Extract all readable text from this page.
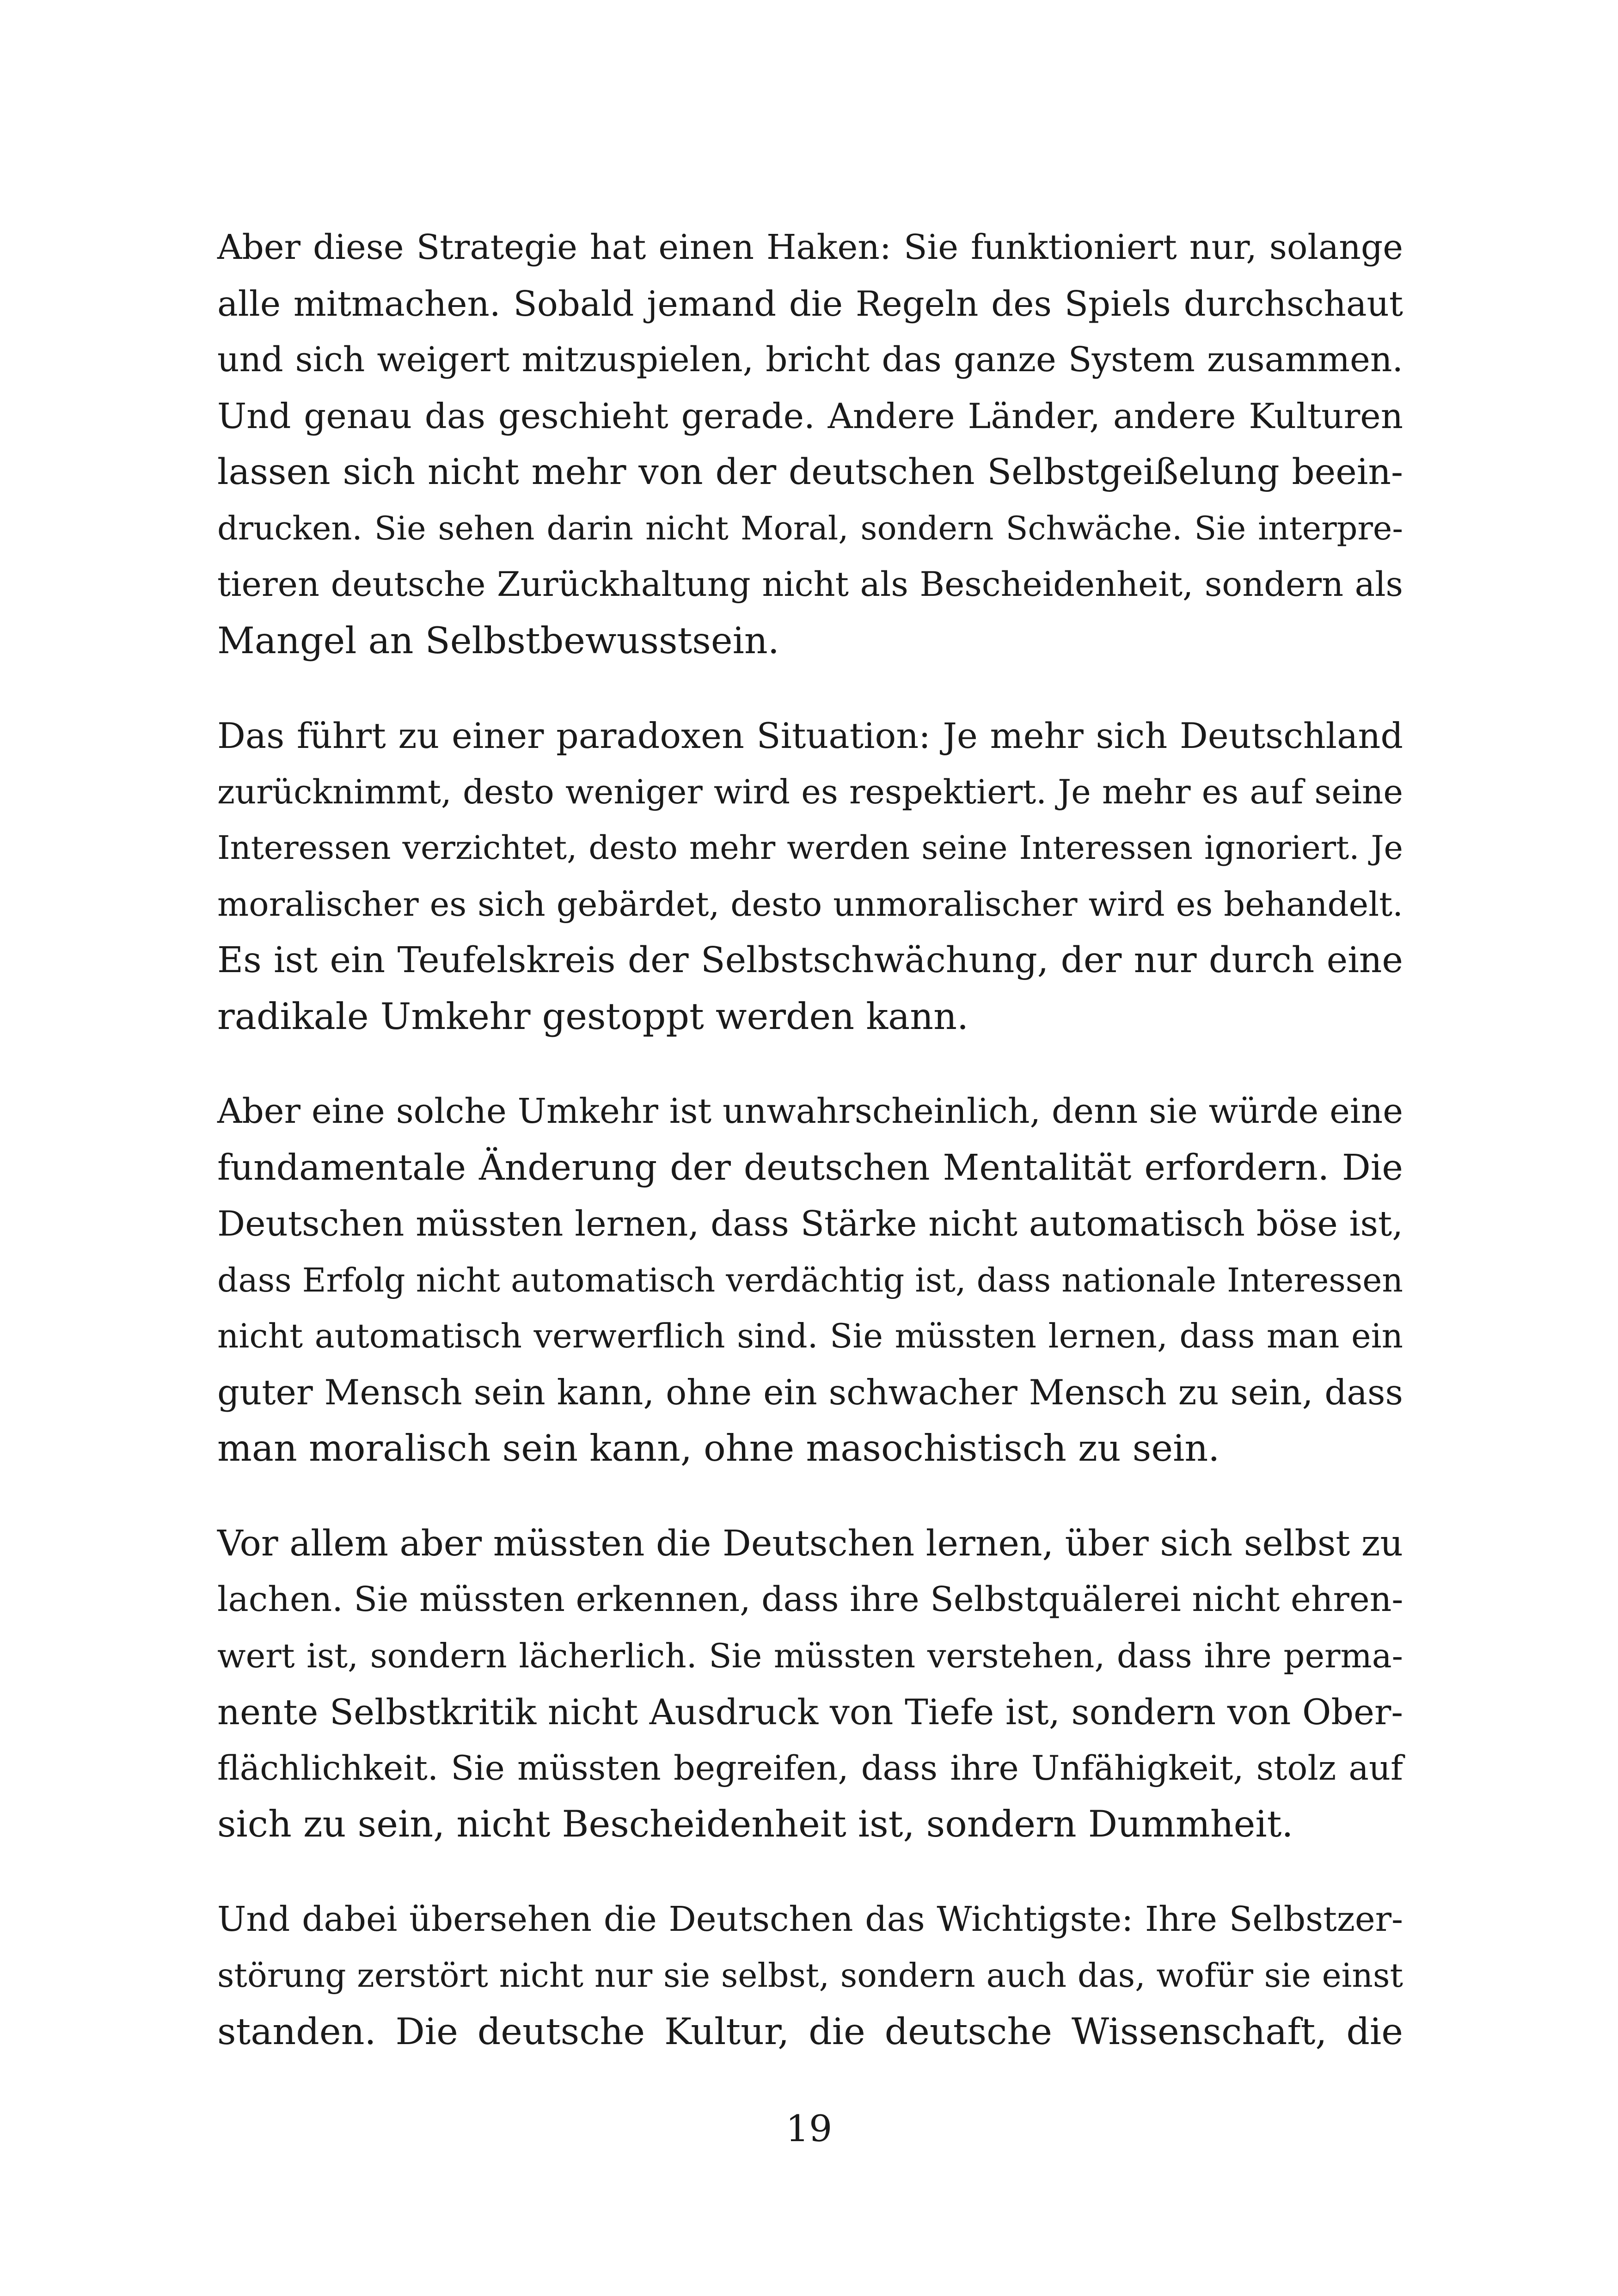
Aber diese Strategie hat einen Haken: Sie funktioniert nur, solange
alle mitmachen. Sobald jemand die Regeln des Spiels durchschaut
und sich weigert mitzuspielen, bricht das ganze System zusammen.
Und genau das geschieht gerade. Andere Länder, andere Kulturen
lassen sich nicht mehr von der deutschen Selbstgeißelung beein-
drucken. Sie sehen darin nicht Moral, sondern Schwäche. Sie interpre-
tieren deutsche Zurückhaltung nicht als Bescheidenheit, sondern als
Mangel an Selbstbewusstsein.
Das führt zu einer paradoxen Situation: Je mehr sich Deutschland
zurücknimmt, desto weniger wird es respektiert. Je mehr es auf seine
Interessen verzichtet, desto mehr werden seine Interessen ignoriert. Je
moralischer es sich gebärdet, desto unmoralischer wird es behandelt.
Es ist ein Teufelskreis der Selbstschwächung, der nur durch eine
radikale Umkehr gestoppt werden kann.
Aber eine solche Umkehr ist unwahrscheinlich, denn sie würde eine
fundamentale Änderung der deutschen Mentalität erfordern. Die
Deutschen müssten lernen, dass Stärke nicht automatisch böse ist,
dass Erfolg nicht automatisch verdächtig ist, dass nationale Interessen
nicht automatisch verwerflich sind. Sie müssten lernen, dass man ein
guter Mensch sein kann, ohne ein schwacher Mensch zu sein, dass
man moralisch sein kann, ohne masochistisch zu sein.
Vor allem aber müssten die Deutschen lernen, über sich selbst zu
lachen. Sie müssten erkennen, dass ihre Selbstquälerei nicht ehren-
wert ist, sondern lächerlich. Sie müssten verstehen, dass ihre perma-
nente Selbstkritik nicht Ausdruck von Tiefe ist, sondern von Ober-
flächlichkeit. Sie müssten begreifen, dass ihre Unfähigkeit, stolz auf
sich zu sein, nicht Bescheidenheit ist, sondern Dummheit.
Und dabei übersehen die Deutschen das Wichtigste: Ihre Selbstzer-
störung zerstört nicht nur sie selbst, sondern auch das, wofür sie einst
standen. Die deutsche Kultur, die deutsche Wissenschaft, die
19
